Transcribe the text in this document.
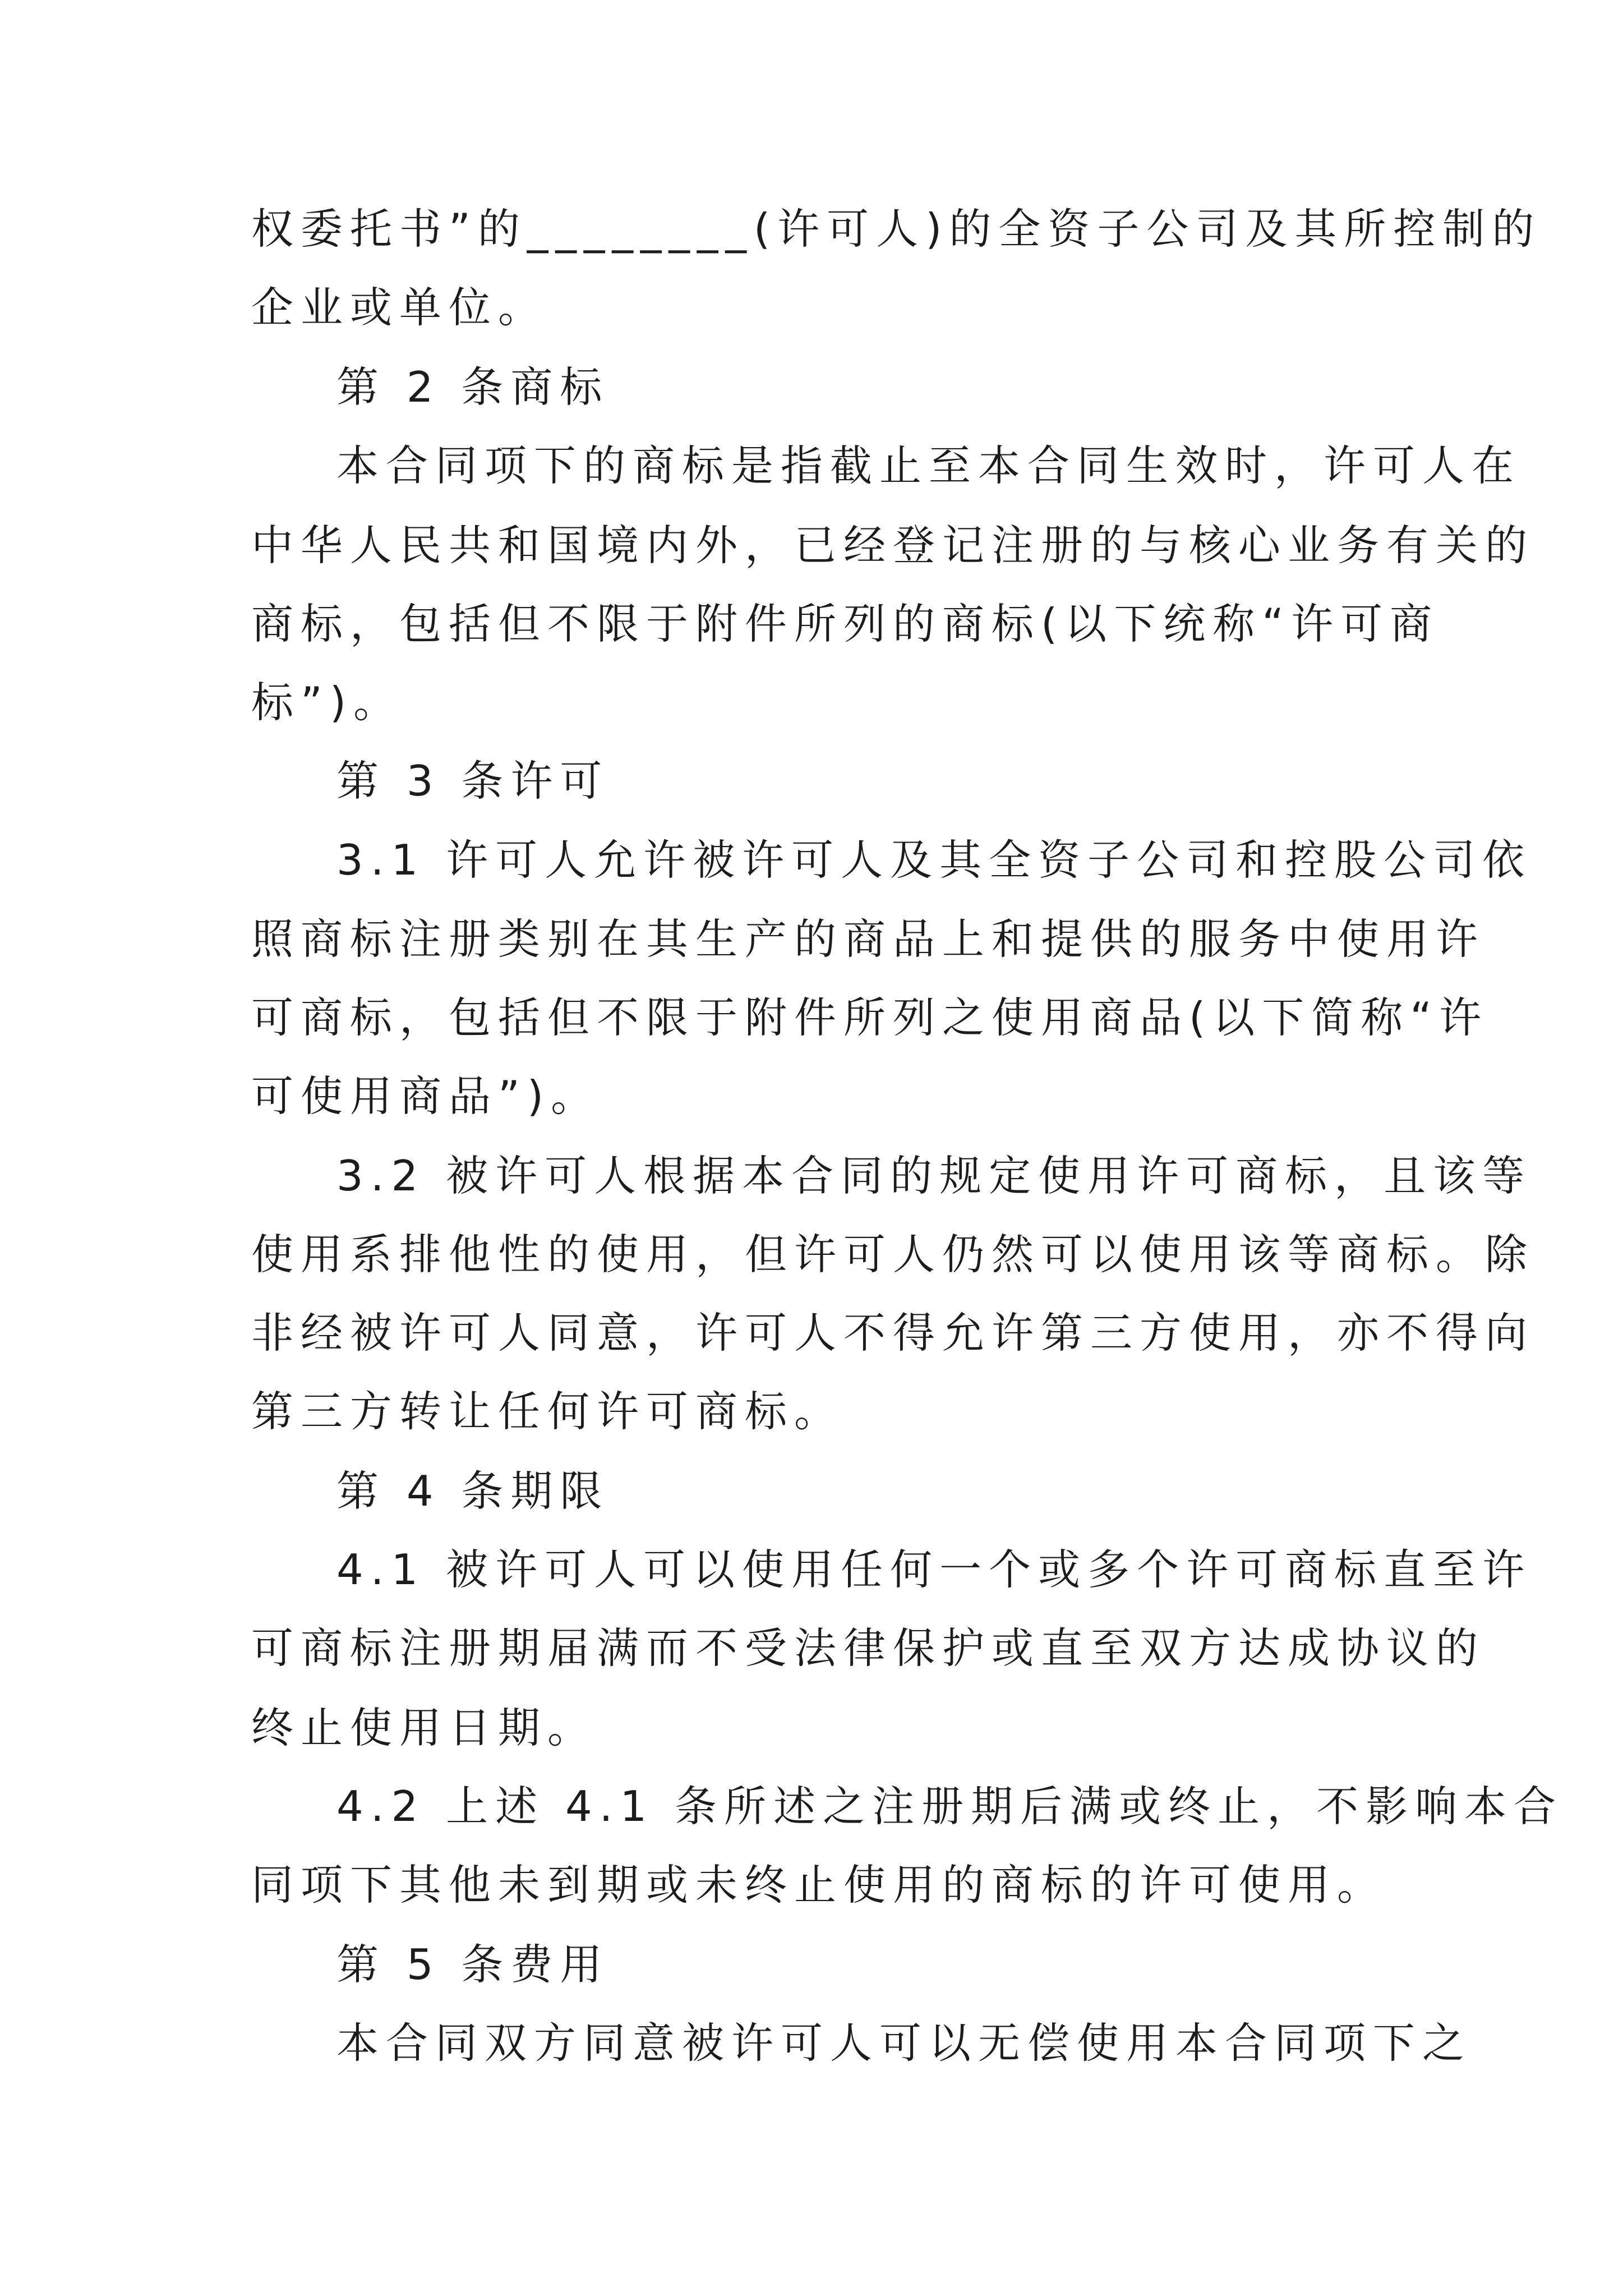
权委托书”的________(许可人)的全资子公司及其所控制的

企业或单位。

第 2 条商标

本合同项下的商标是指截止至本合同生效时，许可人在

中华人民共和国境内外，已经登记注册的与核心业务有关的

商标，包括但不限于附件所列的商标(以下统称“许可商

标”)。

第 3 条许可

3.1 许可人允许被许可人及其全资子公司和控股公司依

照商标注册类别在其生产的商品上和提供的服务中使用许

可商标，包括但不限于附件所列之使用商品(以下简称“许

可使用商品”)。

3.2 被许可人根据本合同的规定使用许可商标，且该等

使用系排他性的使用，但许可人仍然可以使用该等商标。除

非经被许可人同意，许可人不得允许第三方使用，亦不得向

第三方转让任何许可商标。

第 4 条期限

4.1 被许可人可以使用任何一个或多个许可商标直至许

可商标注册期届满而不受法律保护或直至双方达成协议的

终止使用日期。

4.2 上述 4.1 条所述之注册期后满或终止，不影响本合

同项下其他未到期或未终止使用的商标的许可使用。

第 5 条费用

本合同双方同意被许可人可以无偿使用本合同项下之
